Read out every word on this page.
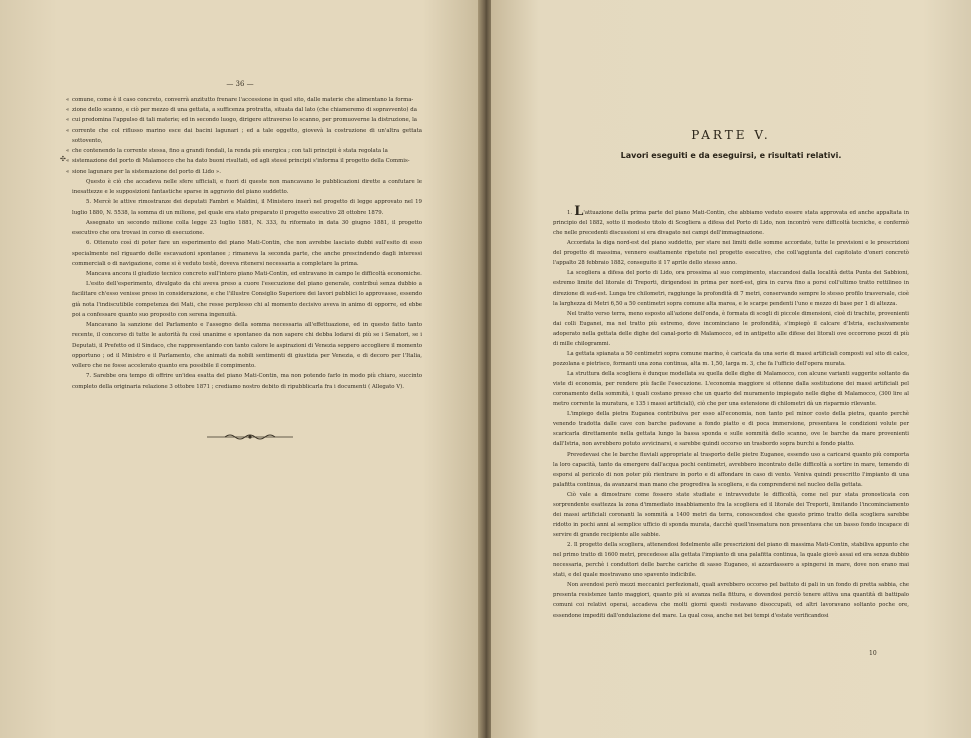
— 36 —
✣
« comune, come è il caso concreto, converrà anzitutto frenare l'accessione in quel sito, dalle materie che alimentano la forma-
« zione dello scanno, e ciò per mezzo di una gettata, a sufficenza protratta, situata dal lato (che chiameremo di sopravvento) da
« cui predomina l'appulso di tali materie; ed in secondo luogo, dirigere attraverso lo scanno, per promuoverne la distruzione, la
« corrente che col riflusso marino esce dai bacini lagunari ; ed a tale oggetto, giovevà la costruzione di un'altra gettata sottovento,
« che contenendo la corrente stessa, fino a grandi fondali, la renda più energica ; con tali principii è stata regolata la
« sistemazione del porto di Malamocco che ha dato buoni risultati, ed agli stessi principii s'informa il progetto della Commis-
« sione lagunare per la sistemazione del porto di Lido ».

Questo è ciò che accadeva nelle sfere ufficiali, e fuori di queste non mancavano le pubblicazioni dirette a confutare le inesattezze e le supposizioni fantastiche sparse in aggravio del piano suddetto.

5. Mercè le attive rimostranze dei deputati Fambri e Maldini, il Ministero inserì nel progetto di legge approvato nel 19 luglio 1880, N. 5538, la somma di un milione, pel quale era stato preparato il progetto esecutivo 28 ottobre 1879.

Assegnato un secondo milione colla legge 23 luglio 1881, N. 333, fu riformato in data 30 giugno 1881, il progetto esecutivo che ora trovasi in corso di esecuzione.

6. Ottenuto così di poter fare un esperimento del piano Mati-Contin, che non avrebbe lasciato dubbi sull'esito di esso specialmente nel riguardo delle escavazioni spontanee ; rimaneva la seconda parte, che anche prescindendo dagli interessi commerciali o di navigazione, come si è veduto testè, doveva ritenersi necessaria a completare la prima.

Mancava ancora il giudizio tecnico concreto sull'intero piano Mati-Contin, ed entravano in campo le difficoltà economiche.

L'esito dell'esperimento, divulgato da chi aveva preso a cuore l'esecuzione del piano generale, contribuì senza dubbio a facilitare ch'esso venisse preso in considerazione, e che l'illustre Consiglio Superiore dei lavori pubblici lo approvasse, essendo già nota l'indiscutibile competenza dei Mati, che resse perplesso chi al momento decisivo aveva in animo di opporre, ed ebbe poi a confessare quanto suo proposito con serena ingenuità.

Mancavano la sanzione del Parlamento e l'assegno della somma necessaria all'effettuazione, ed in questo fatto tanto recente, il concorso di tutte le autorità fu così unanime e spontaneo da non sapere chi debba lodarsi di più se i Senatori, se i Deputati, il Prefetto od il Sindaco, che rappresentando con tanto calore le aspirazioni di Venezia seppero accogliere il momento opportuno ; od il Ministro e il Parlamento, che animati da nobili sentimenti di giustizia per Venezia, e di decoro per l'Italia, vollero che ne fosse accelerato quanto era possibile il compimento.

7. Sarebbe ora tempo di offrire un'idea esatta del piano Mati-Contin, ma non potendo farlo in modo più chiaro, succinto completo della originaria relazione 3 ottobre 1871 ; crediamo nostro debito di ripubblicarla fra i documenti ( Allegato V).

PARTE V.
Lavori eseguiti e da eseguirsi, e risultati relativi.

1. L'attuazione della prima parte del piano Mati-Contin, che abbiamo veduto essere stata approvata ed anche appaltata in principio del 1882, sotto il modesto titolo di Scogliera a difesa del Porto di Lido, non incontrò vere difficoltà tecniche, e confermò che nelle precedenti discussioni si era divagato nei campi dell'immaginazione.

Accordata la diga nord-est del piano suddetto, per stare nei limiti delle somme accordate, tutte le previsioni e le prescrizioni del progetto di massima, vennero esattamente ripetute nel progetto esecutivo, che coll'aggiunta del capitolato d'oneri concretò l'appalto 28 febbraio 1882, conseguito il 17 aprile dello stesso anno.

La scogliera a difesa del porto di Lido, ora prossima al suo compimento, staccandosi dalla località detta Punta dei Sabbioni, estremo limite del litorale di Treporti, dirigendosi in prima per nord-est, gira in curva fino a porsi coll'ultimo tratto rettilineo in direzione di sud-est. Lunga tre chilometri, raggiunge la profondità di 7 metri, conservando sempre lo stesso profilo trasversale, cioè la larghezza di Metri 6,50 a 50 centimetri sopra comune alta marea, e le scarpe pendenti l'uno e mezzo di base per 1 di altezza.

Nel tratto verso terra, meno esposto all'azione dell'onda, è formata di scogli di piccole dimensioni, cioè di trachite, provenienti dai colli Euganei, ma nel tratto più estremo, dove incominciano le profondità, s'impiegò il calcare d'Istria, esclusivamente adoperato nella gettata delle dighe del canal-porto di Malamocco, ed in antipetto alle difese dei litorali ove occorrono pezzi di più di mille chilogrammi.

La gettata spianata a 50 centimetri sopra comune marino, è caricata da una serie di massi artificiali composti sul sito di calce, pozzolana e pietrisco, formanti una zona continua, alta m. 1,50, larga m. 3, che fa l'ufficio dell'opera murata.

La struttura della scogliera è dunque modellata su quella delle dighe di Malamocco, con alcune varianti suggerite soltanto da viste di economia, per rendere più facile l'esecuzione. L'economia maggiore si ottenne dalla sostituzione dei massi artificiali pel coronamento della sommità, i quali costano presso che un quarto del muramento impiegato nelle dighe di Malamocco, (300 lire al metro corrente la muratura, e 135 i massi artificiali), ciò che per una estensione di chilometri dà un risparmio rilevante.

L'impiego della pietra Euganea contribuiva per esso all'economia, non tanto pel minor costo della pietra, quanto perchè venendo tradotta dalle cave con barche padovane a fondo piatto e di poca immersione, presentava le condizioni volute per scaricarla direttamente nella gettata lungo la bassa sponda e sulle sommità dello scanno, ove le barche da mare provenienti dall'Istria, non avrebbero potuto avvicinarsi, e sarebbe quindi occorso un trasbordo sopra burchi a fondo piatto.

Prevedevasi che le barche fluviali appropriate al trasporto delle pietre Euganee, essendo uso a caricarsi quanto più comporta la loro capacità, tanto da emergere dall'acqua pochi centimetri, avrebbero incontrato delle difficoltà a sortire in mare, temendo di esporsi al pericolo di non poter più rientrare in porto e di affondare in caso di vento. Veniva quindi prescritto l'impianto di una palafitta continua, da avanzarsi man mano che progrediva la scogliera, e da comprendersi nel nucleo della gettata.

Ciò vale a dimostrare come fossero state studiate e intravvedute le difficoltà, come nel pur stata pronosticata con sorprendente esattezza la zona d'immediato insabbiamento fra la scogliera ed il litorale dei Treporti, limitando l'incominciamento dei massi artificiali coronanti la sommità a 1400 metri da terra, conoscendosi che questo primo tratto della scogliera sarebbe ridotto in pochi anni al semplice ufficio di sponda murata, dacchè quell'insenatura non presentava che un basso fondo incapace di servire di grande recipiente alle sabbie.

2. Il progetto della scogliera, attenendosi fedelmente alle prescrizioni del piano di massima Mati-Contin, stabiliva appunto che nel primo tratto di 1600 metri, precedesse alla gettata l'impianto di una palafitta continua, la quale giovò assai ed era senza dubbio necessaria, perchè i conduttori delle barche cariche di sasso Euganeo, si azzardassero a spingersi in mare, dove non erano mai stati, e del quale mostravano uno spavento indicibile.

Non avendosi però mezzi meccanici perfezionati, quali avrebbero occorso pel battuto di pali in un fondo di pretta sabbia, che presenta resistenze tanto maggiori, quanto più si avanza nella fittura, e dovendosi perciò tenere attiva una quantità di battipalo comuni coi relativi operai, accadeva che molti giorni questi restavano disoccupati, ed altri lavoravano soltanto poche ore, essendone impediti dall'ondulazione del mare. La qual cosa, anche nei bei tempi d'estate verificandosi

10
